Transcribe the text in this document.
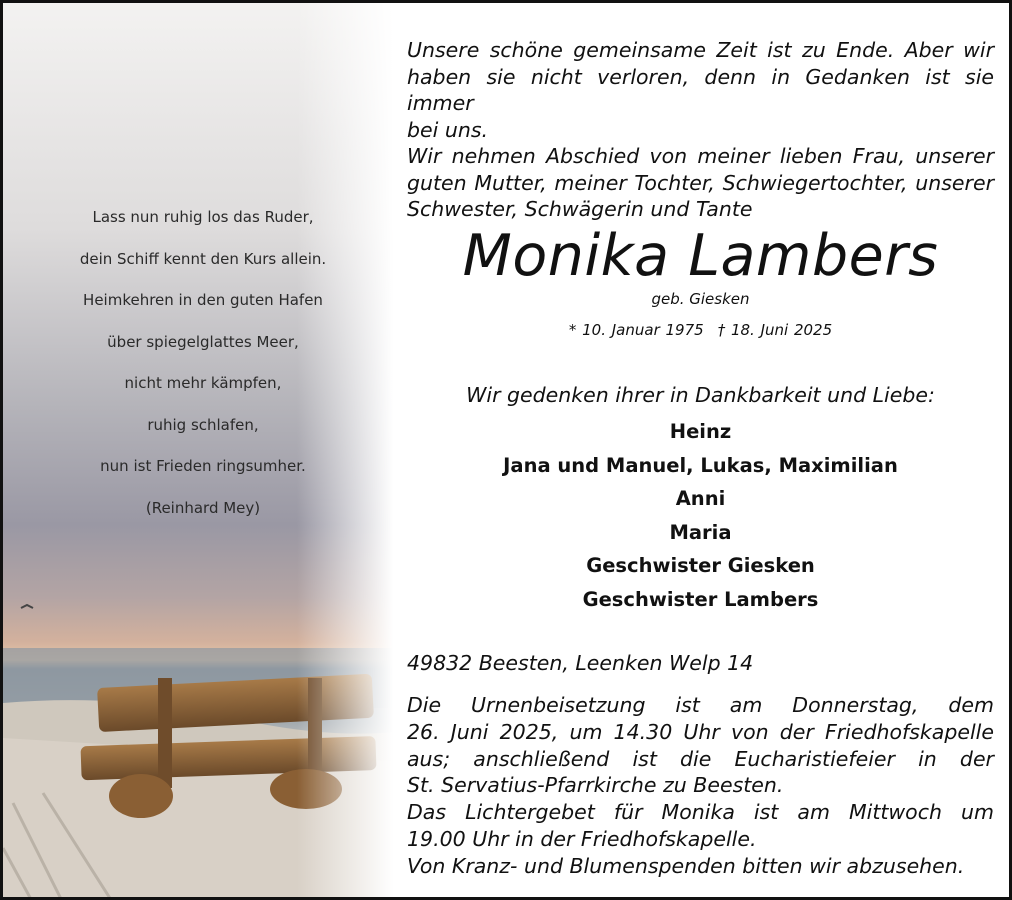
Lass nun ruhig los das Ruder,
dein Schiff kennt den Kurs allein.
Heimkehren in den guten Hafen
über spiegelglattes Meer,
nicht mehr kämpfen,
ruhig schlafen,
nun ist Frieden ringsumher.
(Reinhard Mey)
Unsere schöne gemeinsame Zeit ist zu Ende. Aber wir
haben sie nicht verloren, denn in Gedanken ist sie immer
bei uns.
Wir nehmen Abschied von meiner lieben Frau, unserer
guten Mutter, meiner Tochter, Schwiegertochter, unserer
Schwester, Schwägerin und Tante
Monika Lambers
geb. Giesken
* 10. Januar 1975 † 18. Juni 2025
Wir gedenken ihrer in Dankbarkeit und Liebe:
Heinz
Jana und Manuel, Lukas, Maximilian
Anni
Maria
Geschwister Giesken
Geschwister Lambers
49832 Beesten, Leenken Welp 14
Die Urnenbeisetzung ist am Donnerstag, dem
26. Juni 2025, um 14.30 Uhr von der Friedhofskapelle
aus; anschließend ist die Eucharistiefeier in der
St. Servatius-Pfarrkirche zu Beesten.
Das Lichtergebet für Monika ist am Mittwoch um
19.00 Uhr in der Friedhofskapelle.
Von Kranz- und Blumenspenden bitten wir abzusehen.
